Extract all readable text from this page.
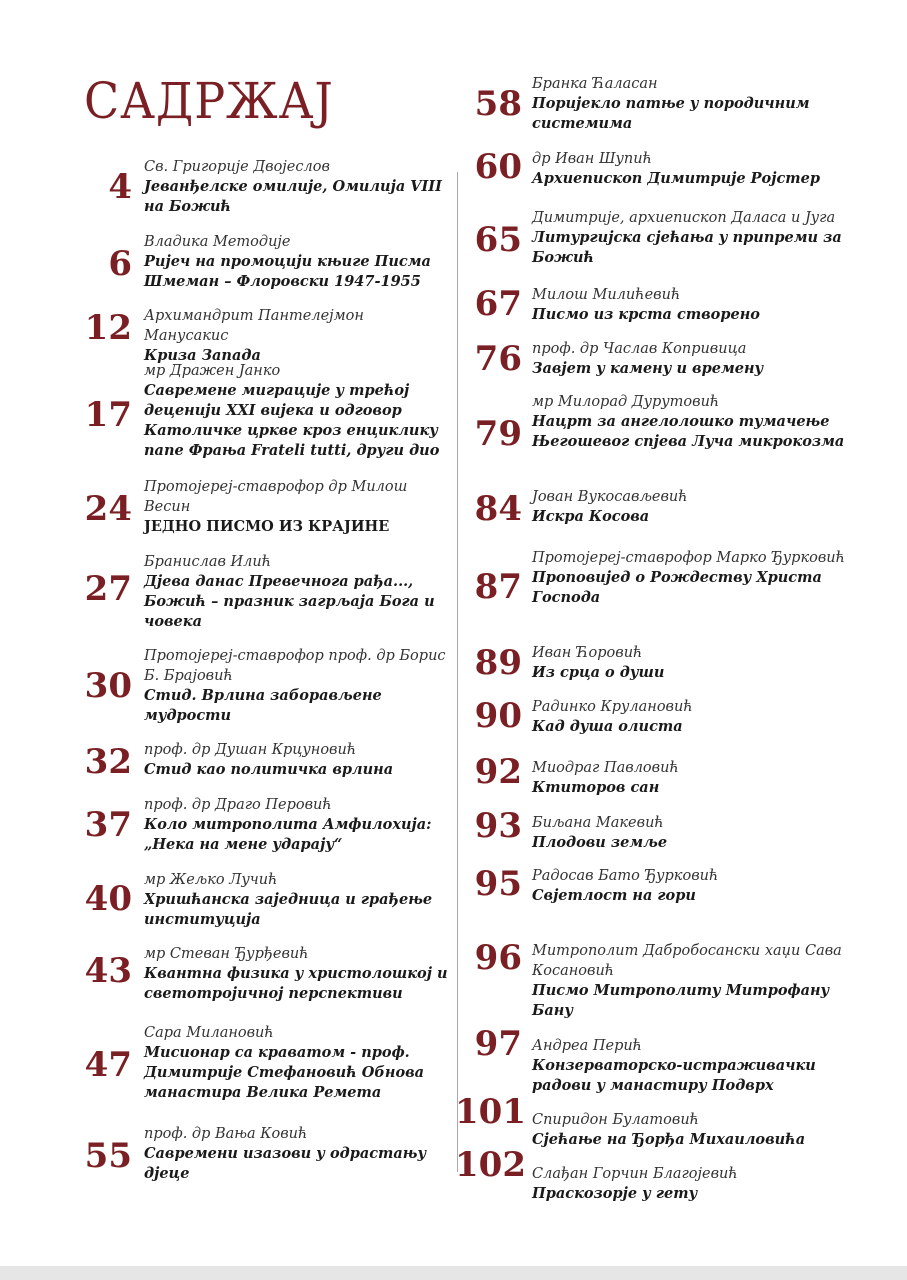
САДРЖАЈ
4 Св. Григорије Двојеслов
Јеванђелске омилије, Омилија VIII на Божић
6
Владика Методије
Ријеч на промоцији књиге Писма Шмеман – Флоровски 1947-1955
12 Архимандрит Пантелејмон Манусакис
Криза Запада
17
мр Дражен Јанко
Савремене миграције у трећој деценији XXI вијека и одговор Католичке цркве кроз енциклику папе Фрања Frateli tutti, други дио
24
Протојереј-ставрофор др Милош Весин
ЈЕДНО ПИСМО ИЗ КРАЈИНЕ
27
Бранислав Илић
Дјева данас Превечнога рађа..., Божић – празник загрљаја Бога и човека
30
Протојереј-ставрофор проф. др Борис Б. Брајовић
Стид. Врлина заборављене мудрости
32 проф. др Душан Крцуновић
Стид као политичка врлина
37 проф. др Драго Перовић
Коло митрополита Амфилохија: „Нека на мене ударају“
40 мр Жељко Лучић
Хришћанска заједница и грађење институција
43 мр Стеван Ђурђевић
Квантна физика у христолошкој и светотројичној перспективи
47
Сара Милановић
Мисионар са краватом - проф. Димитрије Стефановић Обнова манастира Велика Ремета
55
проф. др Вања Ковић
Савремени изазови у одрастању дјеце
58 Бранка Ћаласан
Поријекло патње у породичним системима
60 др Иван Шупић
Архиепископ Димитрије Ројстер
65
Димитрије, архиепископ Даласа и Југа
Литургијска сјећања у припреми за Божић
67 Милош Милићевић
Писмо из крста створено
76 проф. др Часлав Копривица
Завјет у камену и времену
79
мр Милорад Дурутовић
Нацрт за ангелолошко тумачење Његошевог спјева Луча микрокозма
84 Јован Вукосављевић
Искра Косова
87
Протојереј-ставрофор Марко Ђурковић
Проповијед о Рождеству Христа Господа
89 Иван Ћоровић
Из срца о души
90 Радинко Крулановић
Кад душа олиста
92 Миодраг Павловић
Ктиторов сан
93 Биљана Макевић
Плодови земље
95 Радосав Бато Ђурковић
Свјетлост на гори
96 Митрополит Дабробосански хаџи Сава Косановић
Писмо Митрополиту Митрофану Бану
97 Андреа Перић
Конзерваторско-истраживачки радови у манастиру Подврх
101 Спиридон Булатовић
Сјећање на Ђорђа Михаиловића
102 Слађан Горчин Благојевић
Праскозорје у гету
